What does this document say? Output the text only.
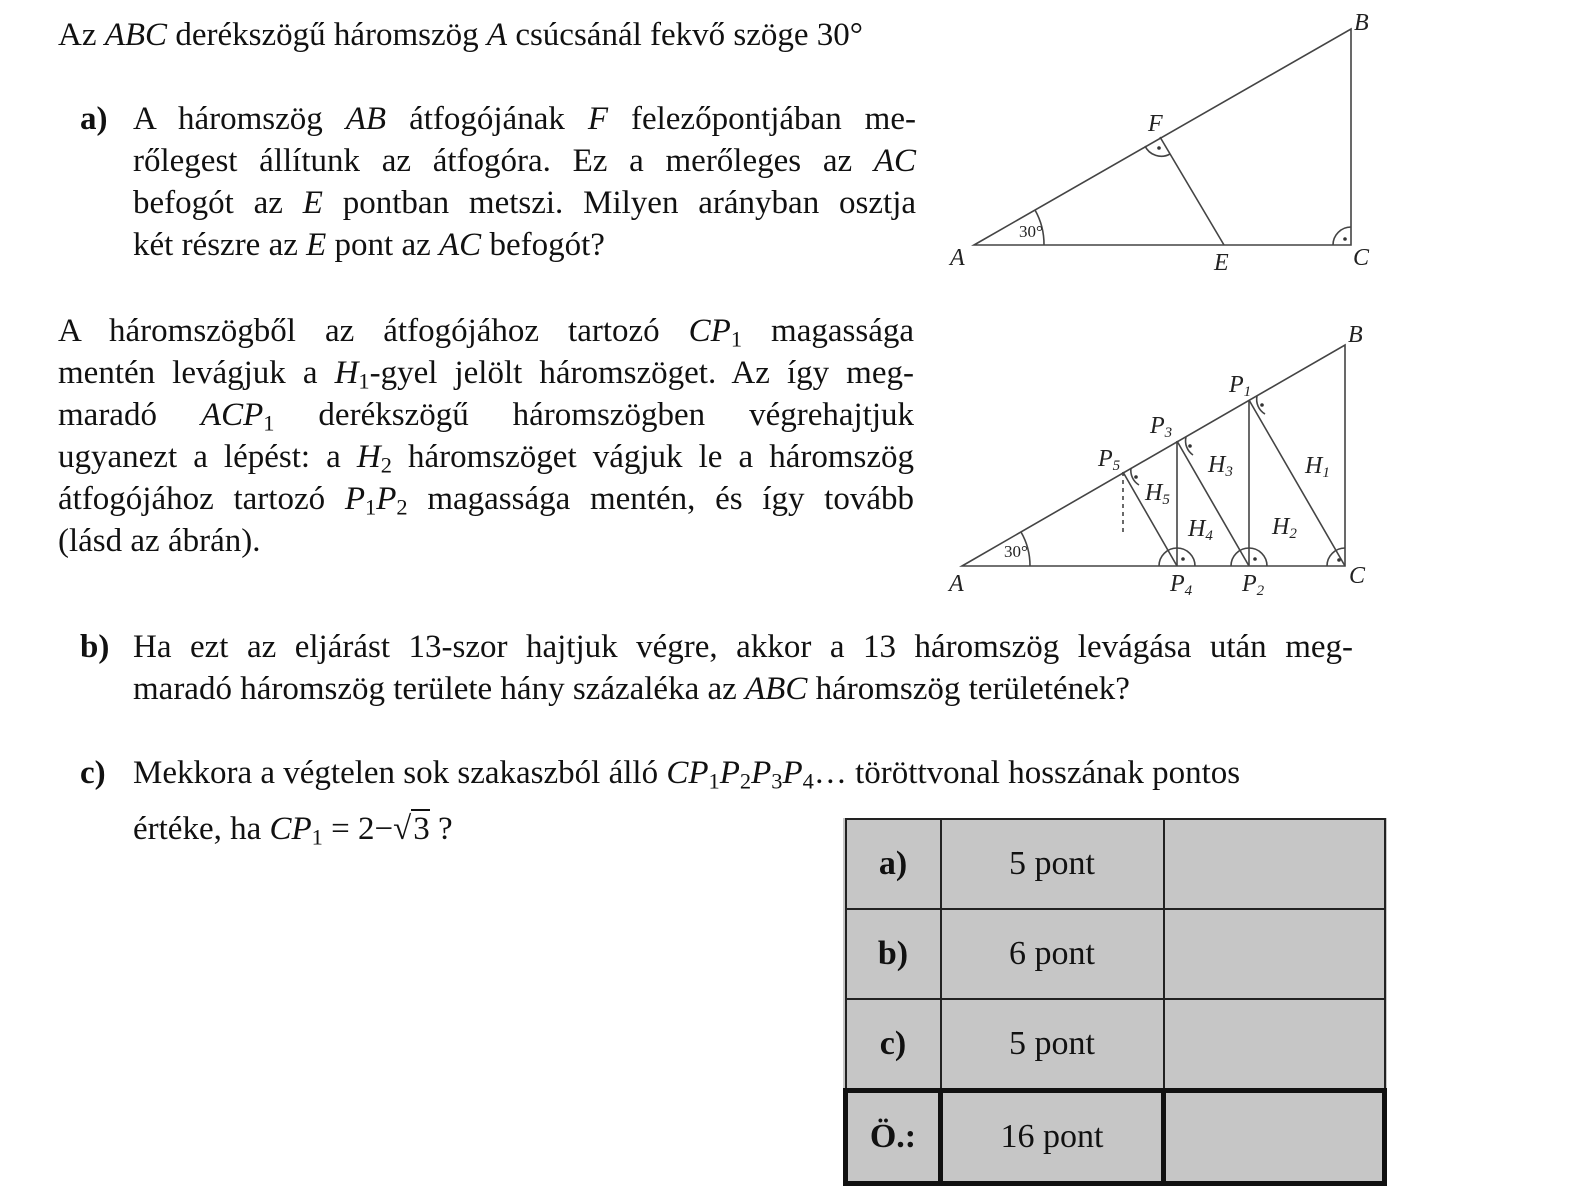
Az ABC derékszögű háromszög A csúcsánál fekvő szöge 30°
a) A háromszög AB átfogójának F felezőpontjában me-
rőlegest állítunk az átfogóra. Ez a merőleges az AC
befogót az E pontban metszi. Milyen arányban osztja
két részre az E pont az AC befogót?
A háromszögből az átfogójához tartozó $CP_1$ magassága
mentén levágjuk a $H_1$-gyel jelölt háromszöget. Az így meg-
maradó $ACP_1$ derékszögű háromszögben végrehajtjuk
ugyanezt a lépést: a $H_2$ háromszöget vágjuk le a háromszög
átfogójához tartozó $P_1P_2$ magassága mentén, és így tovább
(lásd az ábrán).
b) Ha ezt az eljárást 13-szor hajtjuk végre, akkor a 13 háromszög levágása után meg-
maradó háromszög területe hány százaléka az ABC háromszög területének?
c) Mekkora a végtelen sok szakaszból álló $CP_1P_2P_3P_4\dots$ töröttvonal hosszának pontos
értéke, ha $CP_1 = 2-√3$ ?
A
B
C
E
F
30°
A
B
C
P1
P2
P3
P4
P5	H1
H2
H3
H4
H5
30°
a)	5 pont	
b)	6 pont	
c)	5 pont	
Ö.:	16 pont	
